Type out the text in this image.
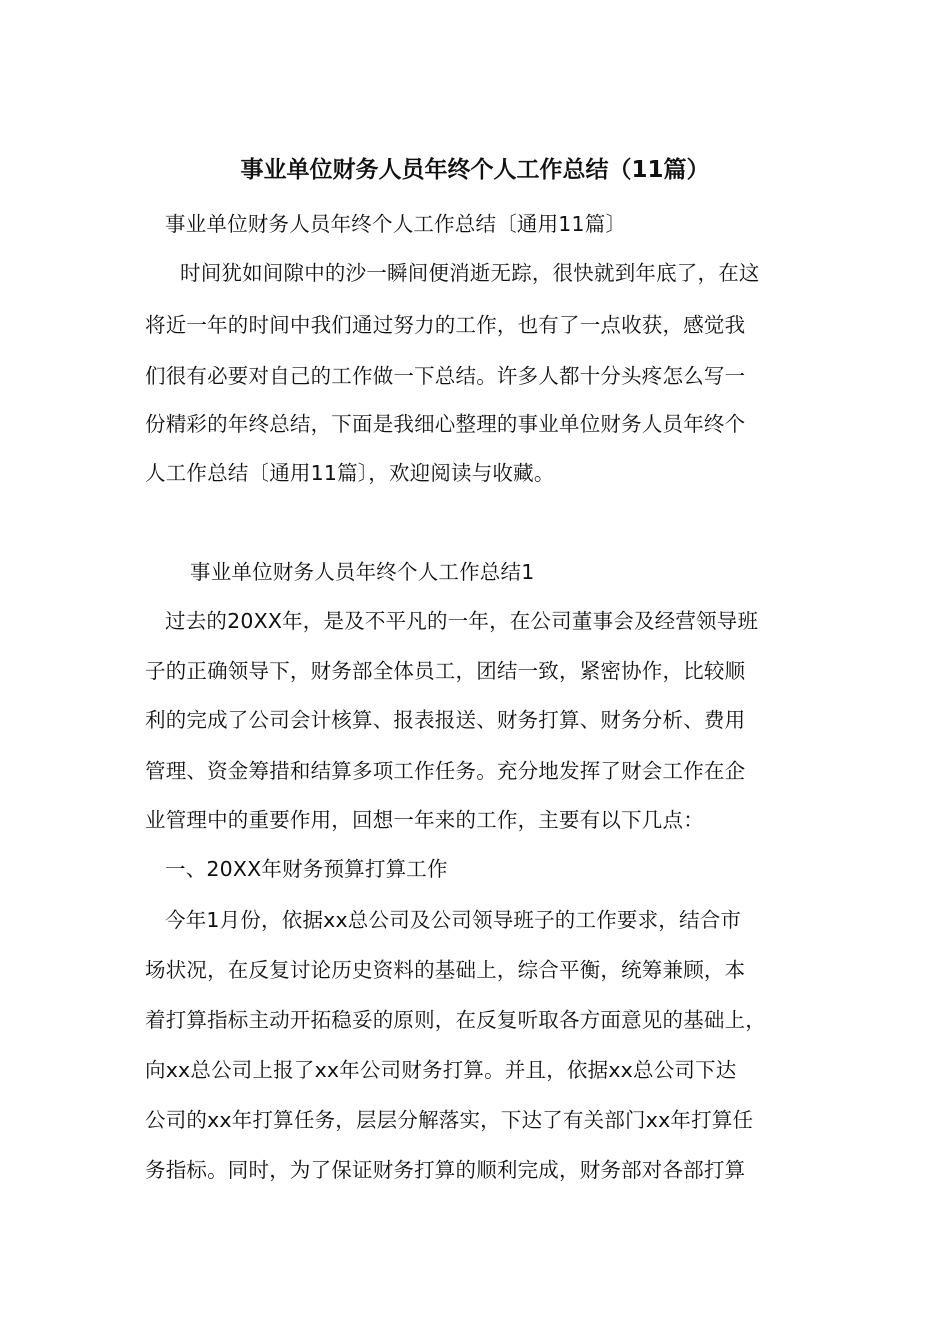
事业单位财务人员年终个人工作总结（11篇）
事业单位财务人员年终个人工作总结〔通用11篇〕
时间犹如间隙中的沙一瞬间便消逝无踪，很快就到年底了，在这
将近一年的时间中我们通过努力的工作，也有了一点收获，感觉我
们很有必要对自己的工作做一下总结。许多人都十分头疼怎么写一
份精彩的年终总结，下面是我细心整理的事业单位财务人员年终个
人工作总结〔通用11篇〕，欢迎阅读与收藏。
事业单位财务人员年终个人工作总结1
过去的20XX年，是及不平凡的一年，在公司董事会及经营领导班
子的正确领导下，财务部全体员工，团结一致，紧密协作，比较顺
利的完成了公司会计核算、报表报送、财务打算、财务分析、费用
管理、资金筹措和结算多项工作任务。充分地发挥了财会工作在企
业管理中的重要作用，回想一年来的工作，主要有以下几点：
一、20XX年财务预算打算工作
今年1月份，依据xx总公司及公司领导班子的工作要求，结合市
场状况，在反复讨论历史资料的基础上，综合平衡，统筹兼顾，本
着打算指标主动开拓稳妥的原则，在反复听取各方面意见的基础上，
向xx总公司上报了xx年公司财务打算。并且，依据xx总公司下达
公司的xx年打算任务，层层分解落实，下达了有关部门xx年打算任
务指标。同时，为了保证财务打算的顺利完成，财务部对各部打算
